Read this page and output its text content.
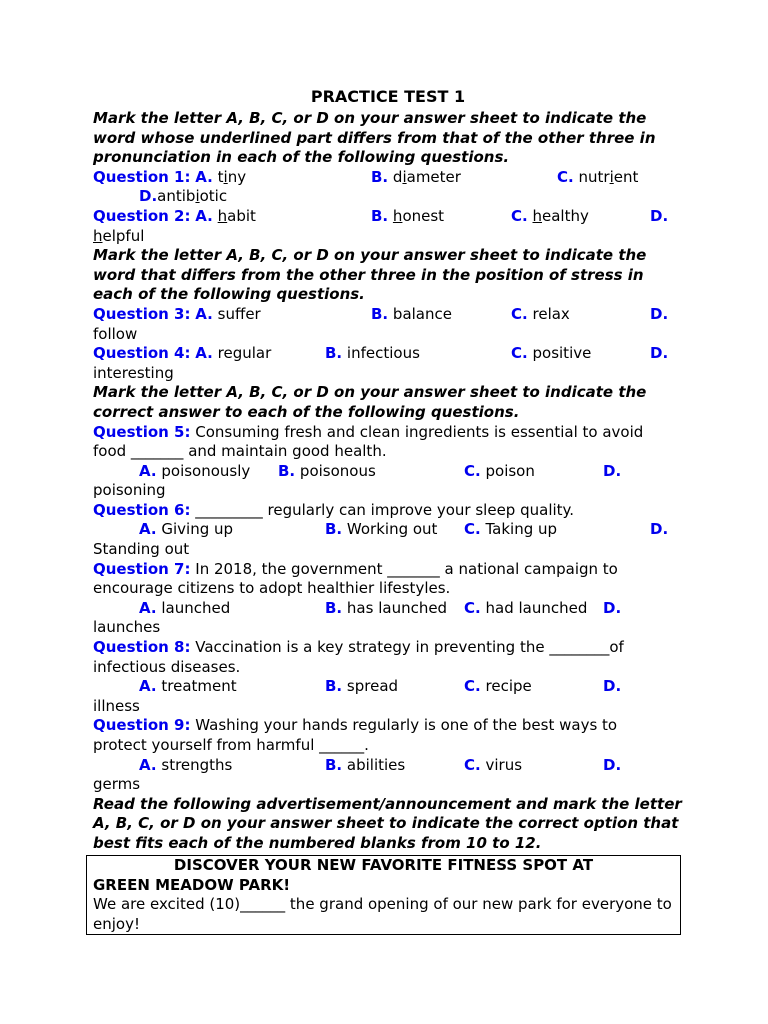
PRACTICE TEST 1
Mark the letter A, B, C, or D on your answer sheet to indicate the word whose underlined part differs from that of the other three in pronunciation in each of the following questions.
Question 1: A. tiny	B. diameter	C. nutrient
D.antibiotic
Question 2: A. habit	B. honest	C. healthy	D.
helpful
Mark the letter A, B, C, or D on your answer sheet to indicate the word that differs from the other three in the position of stress in each of the following questions.
Question 3: A. suffer	B. balance	C. relax	D.
follow
Question 4: A. regular	B. infectious	C. positive	D.
interesting
Mark the letter A, B, C, or D on your answer sheet to indicate the correct answer to each of the following questions.
Question 5: Consuming fresh and clean ingredients is essential to avoid
food _______ and maintain good health.
A. poisonously B. poisonous	C. poison	D.
poisoning
Question 6: _________ regularly can improve your sleep quality.
A. Giving up	B. Working out C. Taking up	D.
Standing out
Question 7: In 2018, the government _______ a national campaign to
encourage citizens to adopt healthier lifestyles.
A. launched	B. has launched C. had launched D.
launches
Question 8: Vaccination is a key strategy in preventing the ________of
infectious diseases.
A. treatment	B. spread	C. recipe	D.
illness
Question 9: Washing your hands regularly is one of the best ways to
protect yourself from harmful ______.
A. strengths	B. abilities	C. virus	D.
germs
Read the following advertisement/announcement and mark the letter A, B, C, or D on your answer sheet to indicate the correct option that best fits each of the numbered blanks from 10 to 12.
DISCOVER YOUR NEW FAVORITE FITNESS SPOT AT
GREEN MEADOW PARK!
We are excited (10)______ the grand opening of our new park for everyone to enjoy!
